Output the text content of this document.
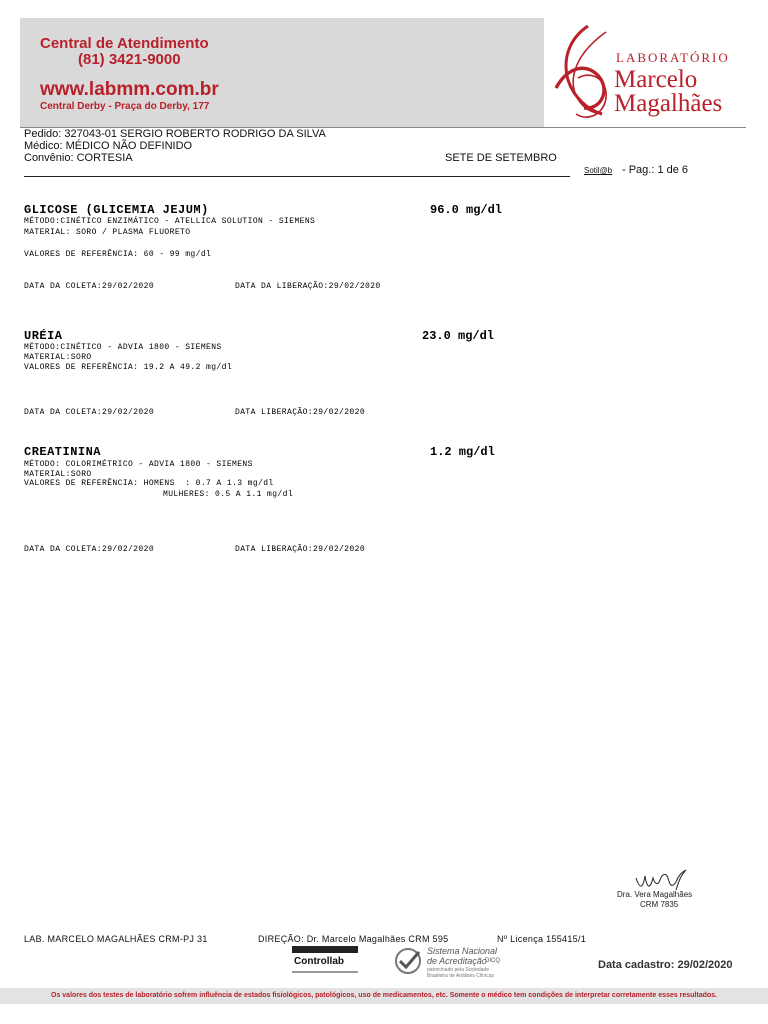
Central de Atendimento
(81) 3421-9000
www.labmm.com.br
Central Derby - Praça do Derby, 177
LABORATÓRIO
Marcelo
Magalhães
Pedido: 327043-01 SERGIO ROBERTO RODRIGO DA SILVA
Médico: MÉDICO NÃO DEFINIDO
Convênio: CORTESIA	SETE DE SETEMBRO
Sotil@b - Pag.: 1 de 6
GLICOSE (GLICEMIA JEJUM)	96.0 mg/dl
MÉTODO:CINÉTICO ENZIMÁTICO - ATELLICA SOLUTION - SIEMENS
MATERIAL: SORO / PLASMA FLUORETO
VALORES DE REFERÊNCIA: 60 - 99 mg/dl
DATA DA COLETA:29/02/2020	DATA DA LIBERAÇÃO:29/02/2020
URÉIA	23.0 mg/dl
MÉTODO:CINÉTICO - ADVIA 1800 - SIEMENS
MATERIAL:SORO
VALORES DE REFERÊNCIA: 19.2 A 49.2 mg/dl
DATA DA COLETA:29/02/2020	DATA LIBERAÇÃO:29/02/2020
CREATININA	1.2 mg/dl
MÉTODO: COLORIMÉTRICO - ADVIA 1800 - SIEMENS
MATERIAL:SORO
VALORES DE REFERÊNCIA: HOMENS  : 0.7 A 1.3 mg/dl
MULHERES: 0.5 A 1.1 mg/dl
DATA DA COLETA:29/02/2020	DATA LIBERAÇÃO:29/02/2020
Dra. Vera Magalhães
CRM 7835
LAB. MARCELO MAGALHÃES CRM-PJ 31	DIREÇÃO: Dr. Marcelo Magalhães CRM 595	Nº Licença 155415/1
Controllab
Sistema Nacional
de Acreditação
DICQ
patrocinado pela Sociedade
Brasileira de Análises Clínicas
Data cadastro: 29/02/2020
Os valores dos testes de laboratório sofrem influência de estados fisiológicos, patológicos, uso de medicamentos, etc. Somente o médico tem condições de interpretar corretamente esses resultados.
